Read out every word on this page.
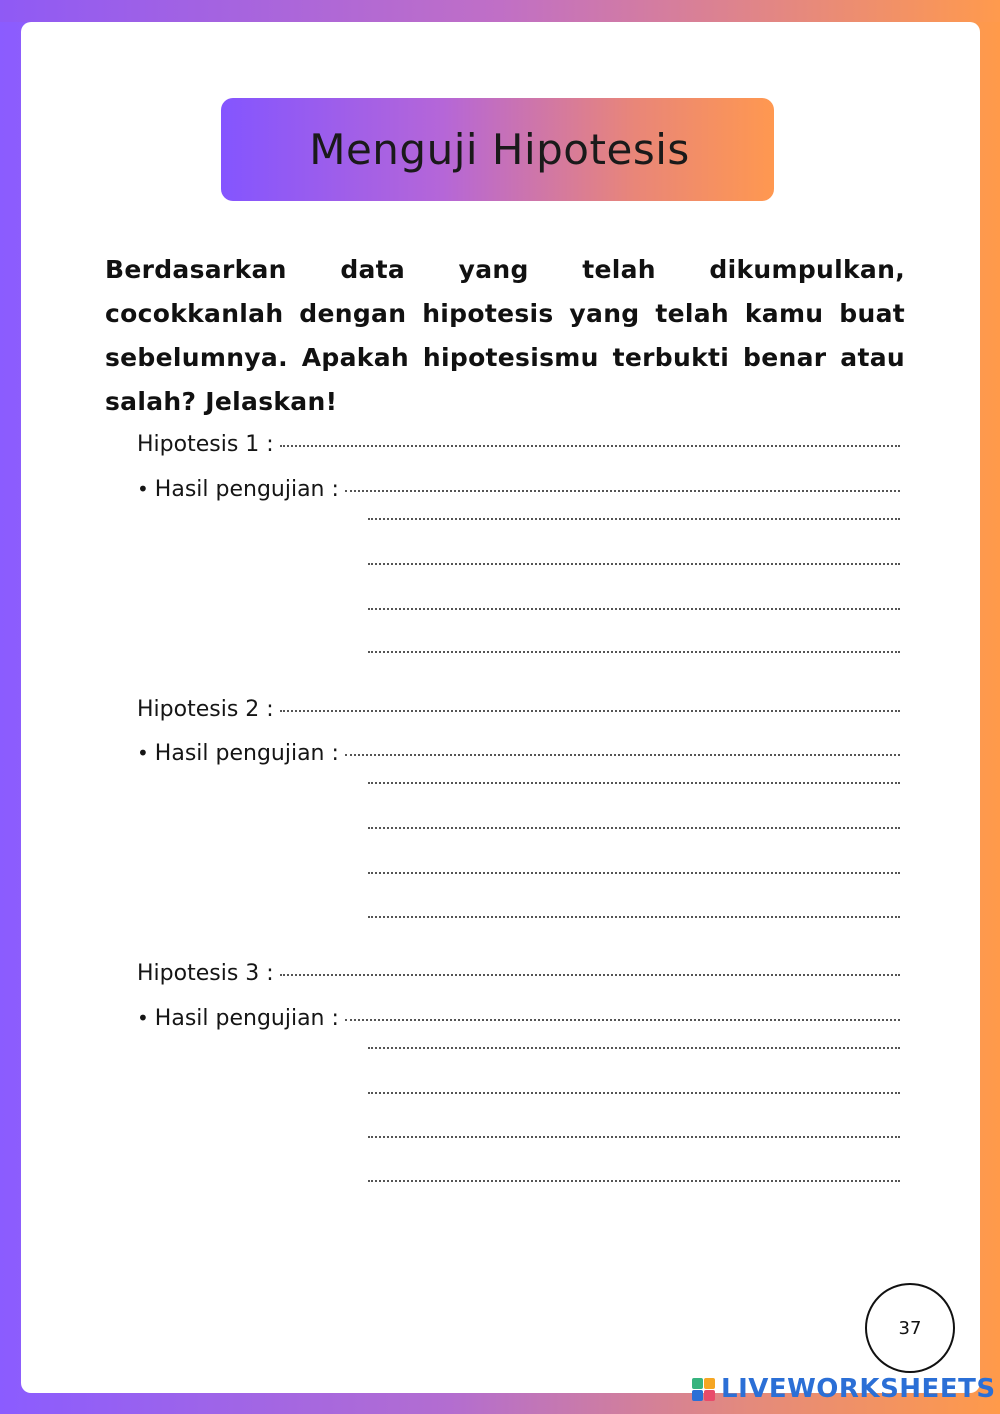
Menguji Hipotesis
Berdasarkan data yang telah dikumpulkan, cocokkanlah dengan hipotesis yang telah kamu buat sebelumnya. Apakah hipotesismu terbukti benar atau salah? Jelaskan!
Hipotesis 1 :
• Hasil pengujian :
Hipotesis 2 :
• Hasil pengujian :
Hipotesis 3 :
• Hasil pengujian :
37
LIVEWORKSHEETS
